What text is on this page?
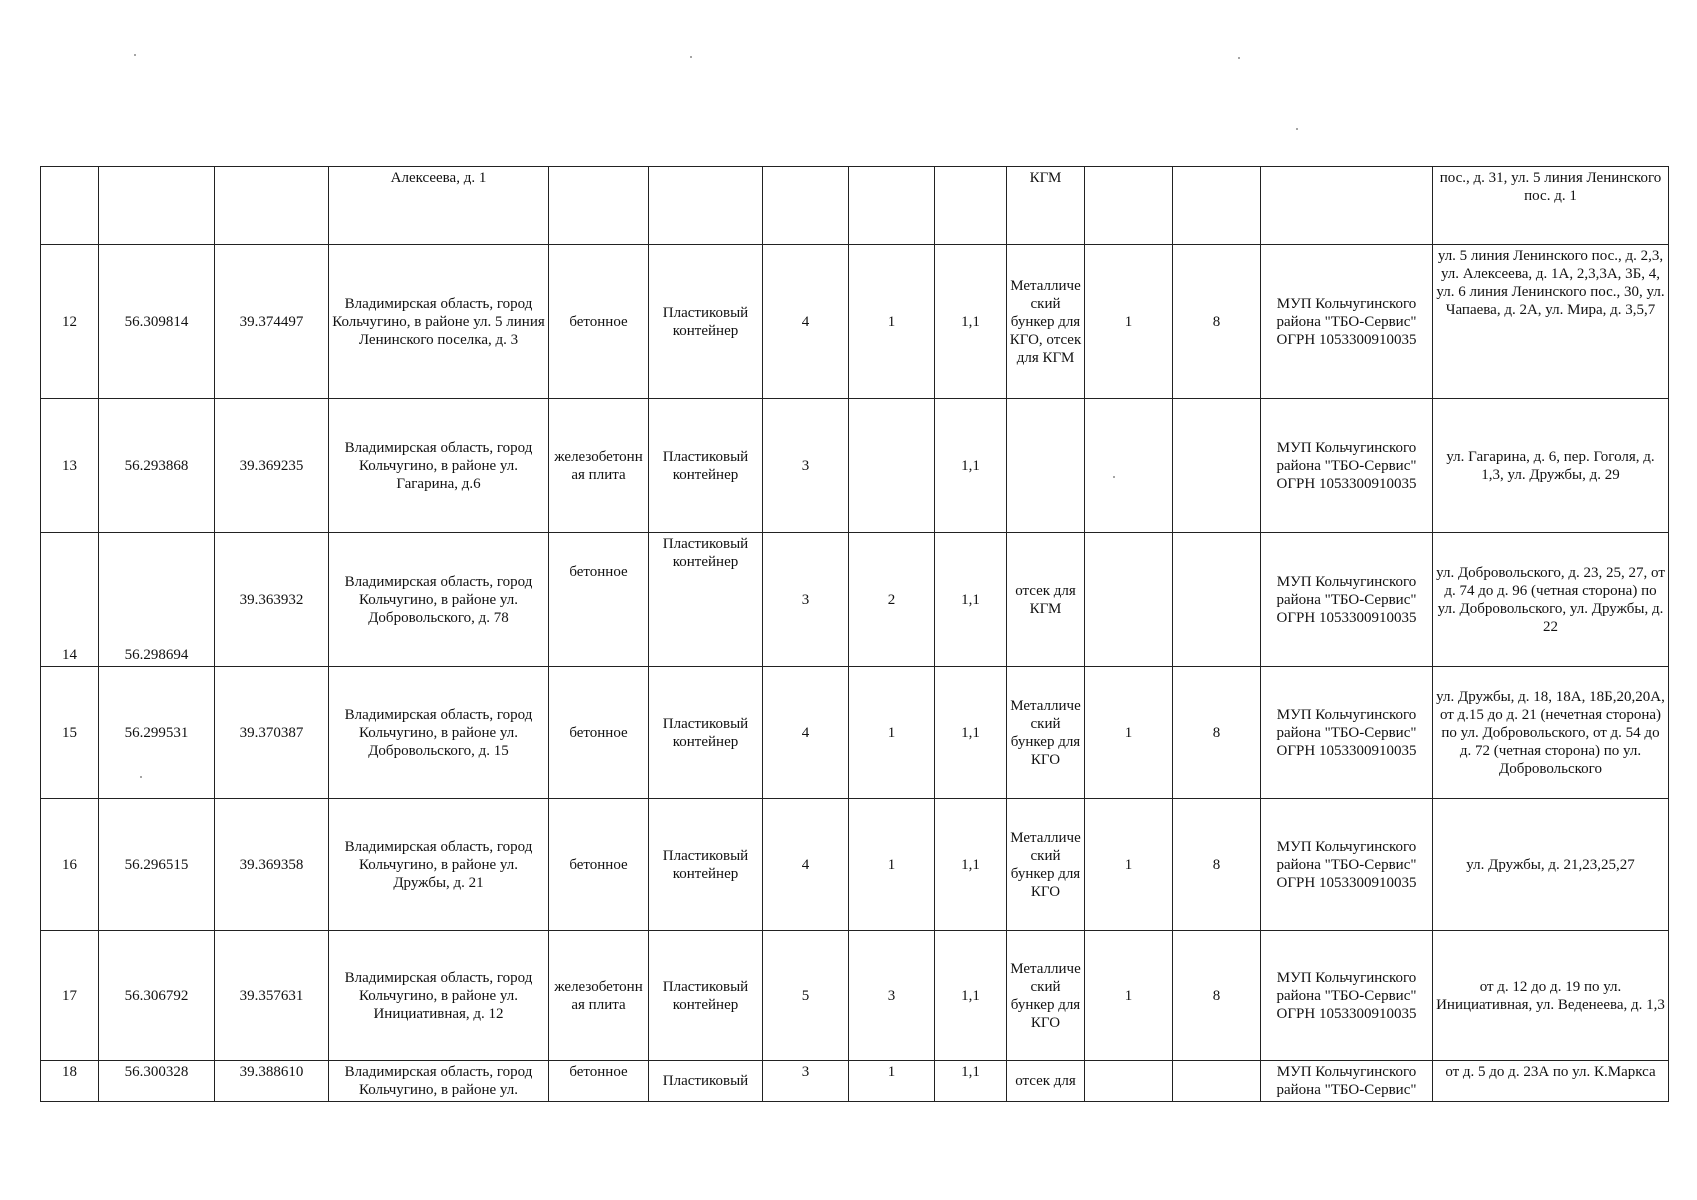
			Алексеева, д. 1						КГМ				пос., д. 31, ул. 5 линия Ленинского пос. д. 1
12	56.309814	39.374497	Владимирская область, город Кольчугино, в районе ул. 5 линия Ленинского поселка, д. 3	бетонное	Пластиковый контейнер	4	1	1,1	Металлический бункер для КГО, отсек для КГМ	1	8	МУП Кольчугинского района "ТБО-Сервис" ОГРН 1053300910035	ул. 5 линия Ленинского пос., д. 2,3, ул. Алексеева, д. 1А, 2,3,3А, 3Б, 4, ул. 6 линия Ленинского пос., 30, ул. Чапаева, д. 2А, ул. Мира, д. 3,5,7
13	56.293868	39.369235	Владимирская область, город Кольчугино, в районе ул. Гагарина, д.6	железобетонная плита	Пластиковый контейнер	3		1,1				МУП Кольчугинского района "ТБО-Сервис" ОГРН 1053300910035	ул. Гагарина, д. 6, пер. Гоголя, д. 1,3, ул. Дружбы, д. 29
14	56.298694	39.363932	Владимирская область, город Кольчугино, в районе ул. Добровольского, д. 78	бетонное	Пластиковый контейнер	3	2	1,1	отсек для КГМ			МУП Кольчугинского района "ТБО-Сервис" ОГРН 1053300910035	ул. Добровольского, д. 23, 25, 27, от д. 74 до д. 96 (четная сторона) по ул. Добровольского, ул. Дружбы, д. 22
15	56.299531	39.370387	Владимирская область, город Кольчугино, в районе ул. Добровольского, д. 15	бетонное	Пластиковый контейнер	4	1	1,1	Металлический бункер для КГО	1	8	МУП Кольчугинского района "ТБО-Сервис" ОГРН 1053300910035	ул. Дружбы, д. 18, 18А, 18Б,20,20А, от д.15 до д. 21 (нечетная сторона) по ул. Добровольского, от д. 54 до д. 72 (четная сторона) по ул. Добровольского
16	56.296515	39.369358	Владимирская область, город Кольчугино, в районе ул. Дружбы, д. 21	бетонное	Пластиковый контейнер	4	1	1,1	Металлический бункер для КГО	1	8	МУП Кольчугинского района "ТБО-Сервис" ОГРН 1053300910035	ул. Дружбы, д. 21,23,25,27
17	56.306792	39.357631	Владимирская область, город Кольчугино, в районе ул. Инициативная, д. 12	железобетонная плита	Пластиковый контейнер	5	3	1,1	Металлический бункер для КГО	1	8	МУП Кольчугинского района "ТБО-Сервис" ОГРН 1053300910035	от д. 12 до д. 19 по ул. Инициативная, ул. Веденеева, д. 1,3
18	56.300328	39.388610	Владимирская область, город Кольчугино, в районе ул.	бетонное	Пластиковый	3	1	1,1	отсек для			МУП Кольчугинского района "ТБО-Сервис"	от д. 5 до д. 23А по ул. К.Маркса
